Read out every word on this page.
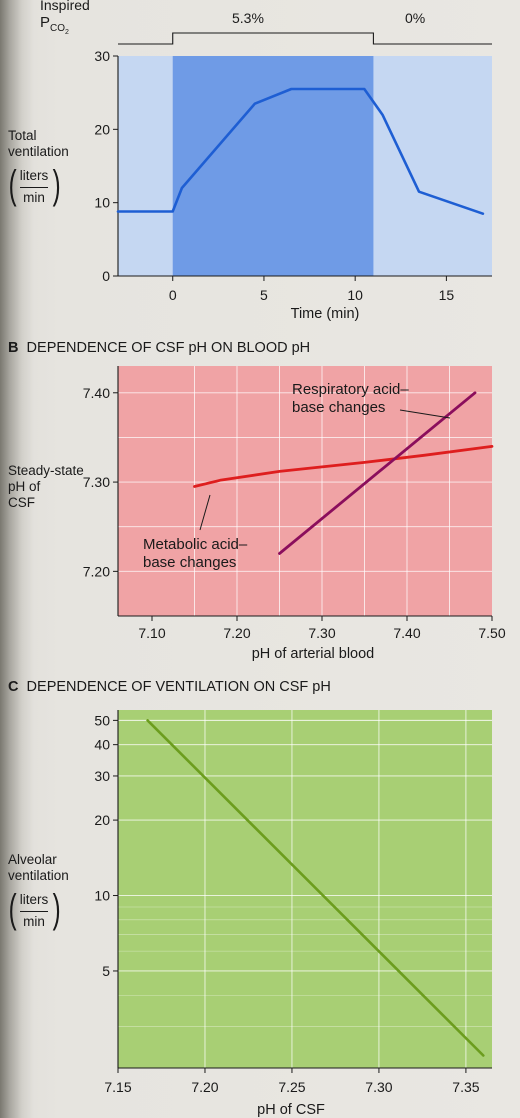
0	5	10	15
0
10
20
30
Time (min)
7.10	7.20	7.30	7.40	7.50
7.20
7.30
7.40
pH of arterial blood
7.15	7.20	7.25	7.30	7.35
5
10
20
30
40
50
pH of CSF
Inspired
$P_{CO2}$
5.3%	0%
Total
ventilation
( liters
min )
B DEPENDENCE OF CSF pH ON BLOOD pH
Steady-state
pH of
CSF
Respiratory acid–
base changes
Metabolic acid–
base changes
C DEPENDENCE OF VENTILATION ON CSF pH
Alveolar
ventilation
( liters
min )
